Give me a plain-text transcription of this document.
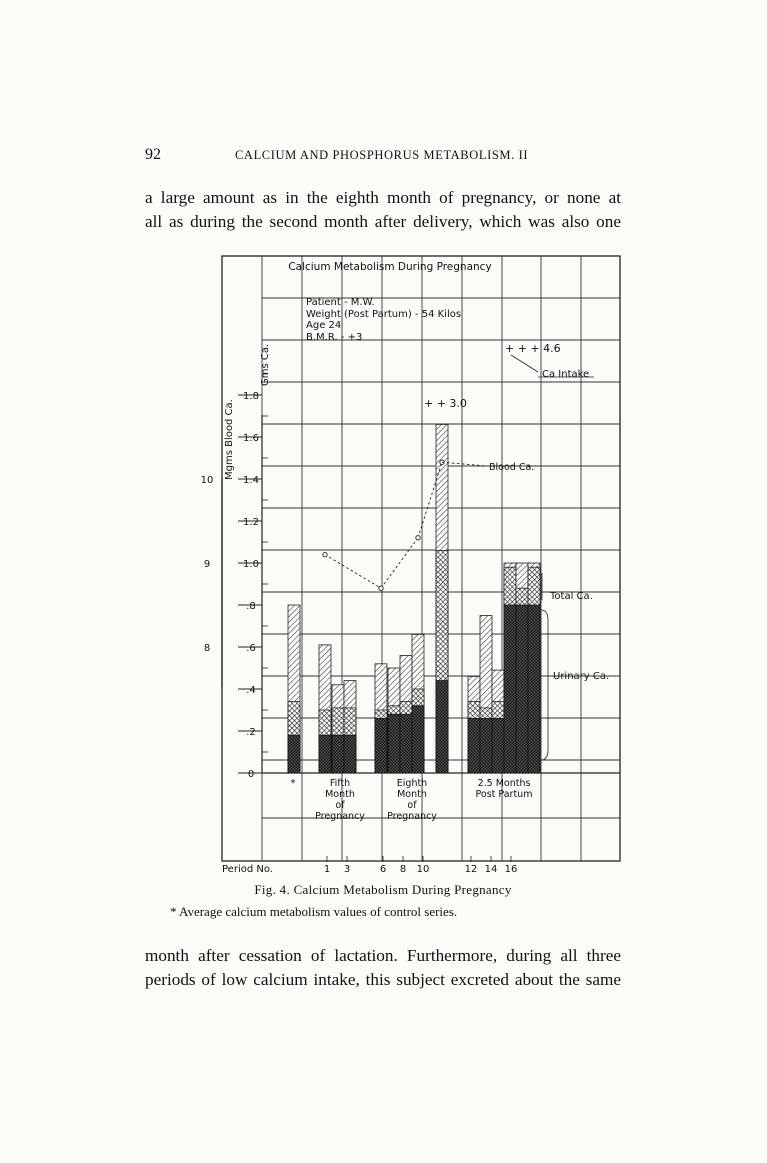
92	CALCIUM AND PHOSPHORUS METABOLISM. II
a large amount as in the eighth month of pregnancy, or none at
all as during the second month after delivery, which was also one
0
.2
.4
.6
.8
1.0
1.2
1.4
1.6
1.8
8
9
10
1 3	6 8 10	12 14 16
Calcium Metabolism During Pregnancy
Patient - M.W.
Weight (Post Partum) - 54 Kilos
Age 24
B.M.R. - +3
Gms Ca.
Mgms Blood Ca.	+ + 3.0
+ + + 4.6
Ca Intake
Blood Ca.
Total Ca.
Urinary Ca.
*	Fifth Month of Pregnancy
Eighth Month of Pregnancy
2.5 Months Post Partum
Period No.
Fig. 4. Calcium Metabolism During Pregnancy
* Average calcium metabolism values of control series.
month after cessation of lactation. Furthermore, during all three
periods of low calcium intake, this subject excreted about the same
